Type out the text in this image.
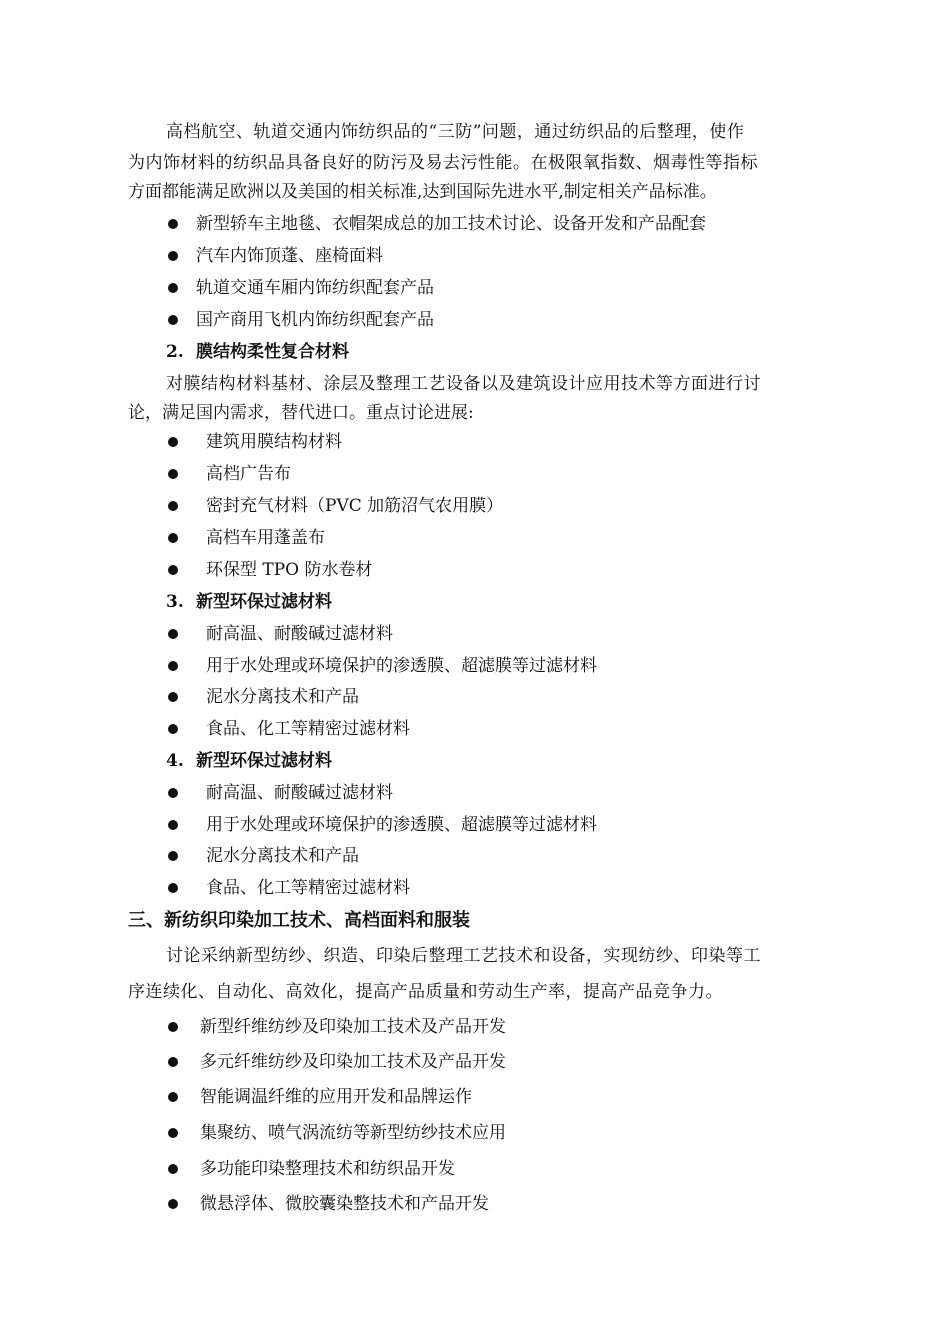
高档航空、轨道交通内饰纺织品的“三防”问题，通过纺织品的后整理，使作
为内饰材料的纺织品具备良好的防污及易去污性能。在极限氧指数、烟毒性等指标
方面都能满足欧洲以及美国的相关标准,达到国际先进水平,制定相关产品标准。
新型轿车主地毯、衣帽架成总的加工技术讨论、设备开发和产品配套
汽车内饰顶蓬、座椅面料
轨道交通车厢内饰纺织配套产品
国产商用飞机内饰纺织配套产品
2. 膜结构柔性复合材料
对膜结构材料基材、涂层及整理工艺设备以及建筑设计应用技术等方面进行讨
论，满足国内需求，替代进口。重点讨论进展:
建筑用膜结构材料
高档广告布
密封充气材料（PVC 加筋沼气农用膜）
高档车用蓬盖布
环保型 TPO 防水卷材
3. 新型环保过滤材料
耐高温、耐酸碱过滤材料
用于水处理或环境保护的渗透膜、超滤膜等过滤材料
泥水分离技术和产品
食品、化工等精密过滤材料
4. 新型环保过滤材料
耐高温、耐酸碱过滤材料
用于水处理或环境保护的渗透膜、超滤膜等过滤材料
泥水分离技术和产品
食品、化工等精密过滤材料
三、新纺织印染加工技术、高档面料和服装
讨论采纳新型纺纱、织造、印染后整理工艺技术和设备，实现纺纱、印染等工
序连续化、自动化、高效化，提高产品质量和劳动生产率，提高产品竞争力。
新型纤维纺纱及印染加工技术及产品开发
多元纤维纺纱及印染加工技术及产品开发
智能调温纤维的应用开发和品牌运作
集聚纺、喷气涡流纺等新型纺纱技术应用
多功能印染整理技术和纺织品开发
微悬浮体、微胶囊染整技术和产品开发
